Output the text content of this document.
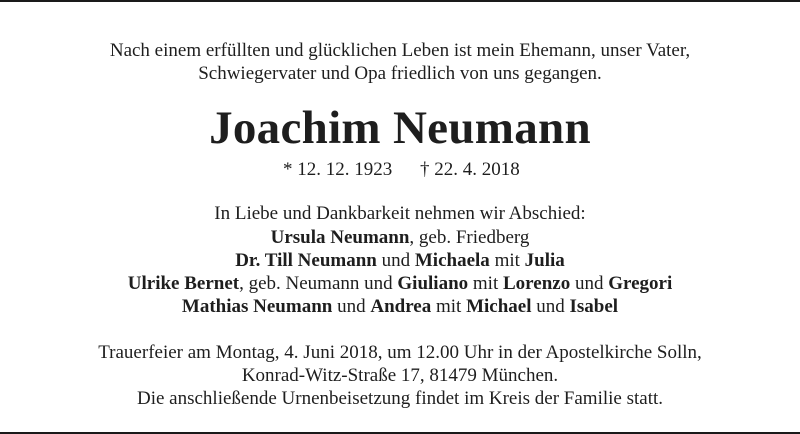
Nach einem erfüllten und glücklichen Leben ist mein Ehemann, unser Vater,
Schwiegervater und Opa friedlich von uns gegangen.
Joachim Neumann
* 12. 12. 1923 † 22. 4. 2018
In Liebe und Dankbarkeit nehmen wir Abschied:
Ursula Neumann, geb. Friedberg
Dr. Till Neumann und Michaela mit Julia
Ulrike Bernet, geb. Neumann und Giuliano mit Lorenzo und Gregori
Mathias Neumann und Andrea mit Michael und Isabel
Trauerfeier am Montag, 4. Juni 2018, um 12.00 Uhr in der Apostelkirche Solln,
Konrad-Witz-Straße 17, 81479 München.
Die anschließende Urnenbeisetzung findet im Kreis der Familie statt.
